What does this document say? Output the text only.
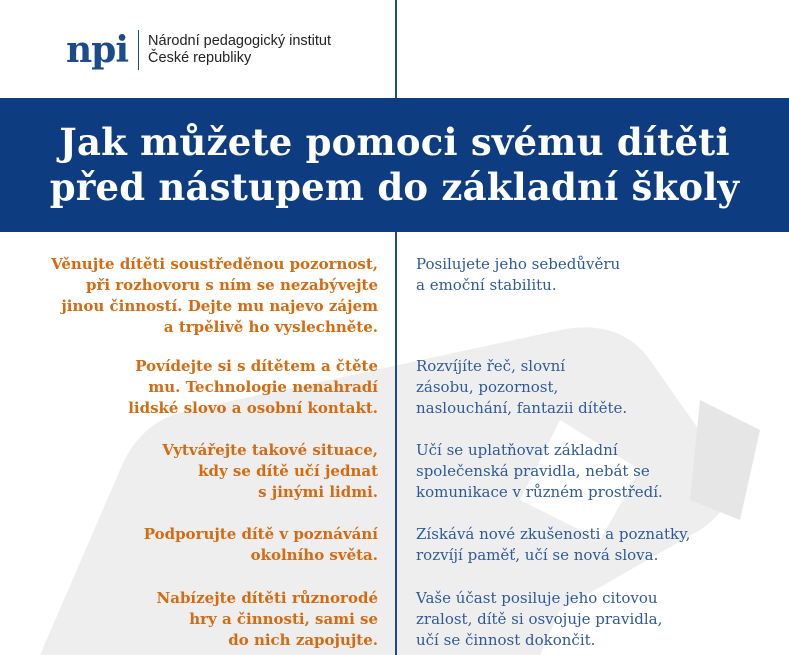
npi Národní pedagogický institut
České republiky
Jak můžete pomoci svému dítěti
před nástupem do základní školy
Věnujte dítěti soustředěnou pozornost,
při rozhovoru s ním se nezabývejte
jinou činností. Dejte mu najevo zájem
a trpělivě ho vyslechněte.
Posilujete jeho sebedůvěru
a emoční stabilitu.
Povídejte si s dítětem a čtěte
mu. Technologie nenahradí
lidské slovo a osobní kontakt.
Rozvíjíte řeč, slovní
zásobu, pozornost,
naslouchání, fantazii dítěte.
Vytvářejte takové situace,
kdy se dítě učí jednat
s jinými lidmi.
Učí se uplatňovat základní
společenská pravidla, nebát se
komunikace v různém prostředí.
Podporujte dítě v poznávání
okolního světa.
Získává nové zkušenosti a poznatky,
rozvíjí paměť, učí se nová slova.
Nabízejte dítěti různorodé
hry a činnosti, sami se
do nich zapojujte.
Vaše účast posiluje jeho citovou
zralost, dítě si osvojuje pravidla,
učí se činnost dokončit.
